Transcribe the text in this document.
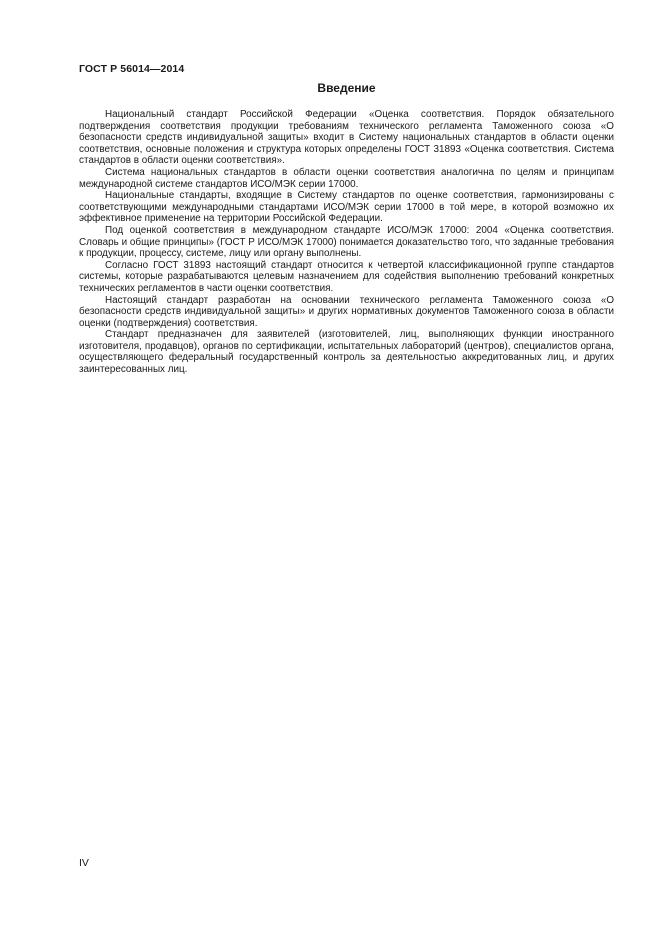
ГОСТ Р 56014—2014
Введение

Национальный стандарт Российской Федерации «Оценка соответствия. Порядок обязательного подтверждения соответствия продукции требованиям технического регламента Таможенного союза «О безопасности средств индивидуальной защиты» входит в Систему национальных стандартов в области оценки соответствия, основные положения и структура которых определены ГОСТ 31893 «Оценка соответствия. Система стандартов в области оценки соответствия».

Система национальных стандартов в области оценки соответствия аналогична по целям и принципам международной системе стандартов ИСО/МЭК серии 17000.

Национальные стандарты, входящие в Систему стандартов по оценке соответствия, гармонизированы с соответствующими международными стандартами ИСО/МЭК серии 17000 в той мере, в которой возможно их эффективное применение на территории Российской Федерации.

Под оценкой соответствия в международном стандарте ИСО/МЭК 17000: 2004 «Оценка соответствия. Словарь и общие принципы» (ГОСТ Р ИСО/МЭК 17000) понимается доказательство того, что заданные требования к продукции, процессу, системе, лицу или органу выполнены.

Согласно ГОСТ 31893 настоящий стандарт относится к четвертой классификационной группе стандартов системы, которые разрабатываются целевым назначением для содействия выполнению требований конкретных технических регламентов в части оценки соответствия.

Настоящий стандарт разработан на основании технического регламента Таможенного союза «О безопасности средств индивидуальной защиты» и других нормативных документов Таможенного союза в области оценки (подтверждения) соответствия.

Стандарт предназначен для заявителей (изготовителей, лиц, выполняющих функции иностранного изготовителя, продавцов), органов по сертификации, испытательных лабораторий (центров), специалистов органа, осуществляющего федеральный государственный контроль за деятельностью аккредитованных лиц, и других заинтересованных лиц.

IV
